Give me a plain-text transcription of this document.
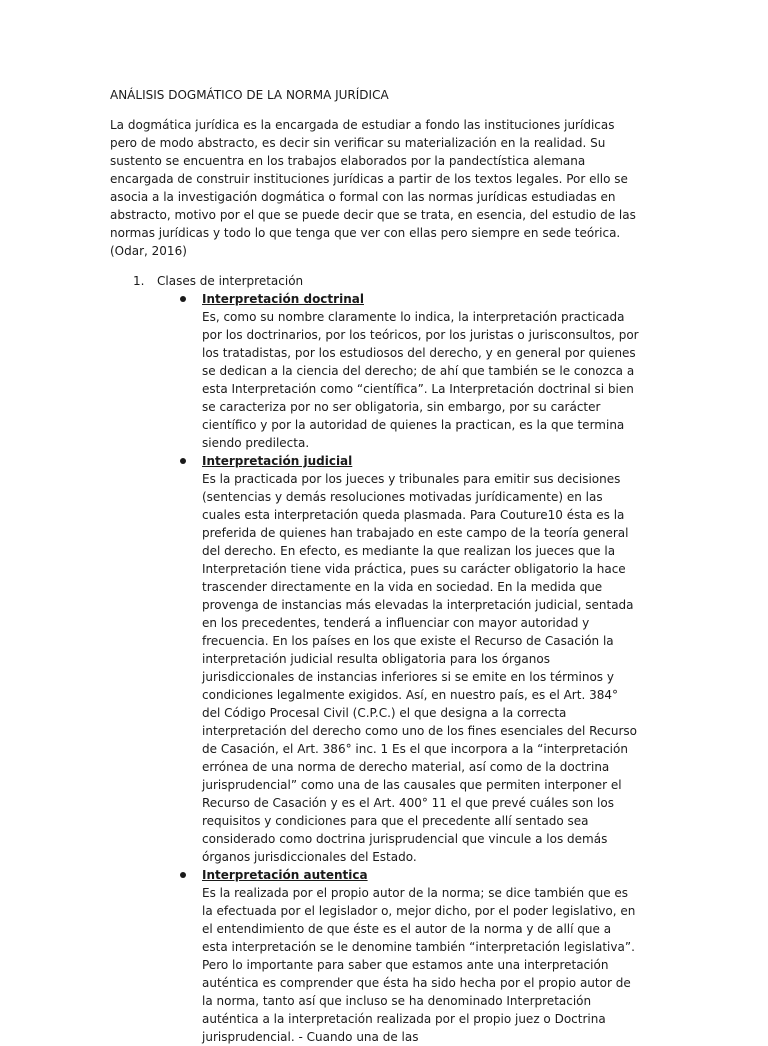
ANÁLISIS DOGMÁTICO DE LA NORMA JURÍDICA

La dogmática jurídica es la encargada de estudiar a fondo las instituciones jurídicas pero de modo abstracto, es decir sin verificar su materialización en la realidad. Su sustento se encuentra en los trabajos elaborados por la pandectística alemana encargada de construir instituciones jurídicas a partir de los textos legales. Por ello se asocia a la investigación dogmática o formal con las normas jurídicas estudiadas en abstracto, motivo por el que se puede decir que se trata, en esencia, del estudio de las normas jurídicas y todo lo que tenga que ver con ellas pero siempre en sede teórica. (Odar, 2016)

1. Clases de interpretación
Interpretación doctrinal

Es, como su nombre claramente lo indica, la interpretación practicada por los doctrinarios, por los teóricos, por los juristas o jurisconsultos, por los tratadistas, por los estudiosos del derecho, y en general por quienes se dedican a la ciencia del derecho; de ahí que también se le conozca a esta Interpretación como “científica”. La Interpretación doctrinal si bien se caracteriza por no ser obligatoria, sin embargo, por su carácter científico y por la autoridad de quienes la practican, es la que termina siendo predilecta.

Interpretación judicial

Es la practicada por los jueces y tribunales para emitir sus decisiones (sentencias y demás resoluciones motivadas jurídicamente) en las cuales esta interpretación queda plasmada. Para Couture10 ésta es la preferida de quienes han trabajado en este campo de la teoría general del derecho. En efecto, es mediante la que realizan los jueces que la Interpretación tiene vida práctica, pues su carácter obligatorio la hace trascender directamente en la vida en sociedad. En la medida que provenga de instancias más elevadas la interpretación judicial, sentada en los precedentes, tenderá a influenciar con mayor autoridad y frecuencia. En los países en los que existe el Recurso de Casación la interpretación judicial resulta obligatoria para los órganos jurisdiccionales de instancias inferiores si se emite en los términos y condiciones legalmente exigidos. Así, en nuestro país, es el Art. 384° del Código Procesal Civil (C.P.C.) el que designa a la correcta interpretación del derecho como uno de los fines esenciales del Recurso de Casación, el Art. 386° inc. 1 Es el que incorpora a la “interpretación errónea de una norma de derecho material, así como de la doctrina jurisprudencial” como una de las causales que permiten interponer el Recurso de Casación y es el Art. 400° 11 el que prevé cuáles son los requisitos y condiciones para que el precedente allí sentado sea considerado como doctrina jurisprudencial que vincule a los demás órganos jurisdiccionales del Estado.

Interpretación autentica

Es la realizada por el propio autor de la norma; se dice también que es la efectuada por el legislador o, mejor dicho, por el poder legislativo, en el entendimiento de que éste es el autor de la norma y de allí que a esta interpretación se le denomine también “interpretación legislativa”. Pero lo importante para saber que estamos ante una interpretación auténtica es comprender que ésta ha sido hecha por el propio autor de la norma, tanto así que incluso se ha denominado Interpretación auténtica a la interpretación realizada por el propio juez o Doctrina jurisprudencial. - Cuando una de las
